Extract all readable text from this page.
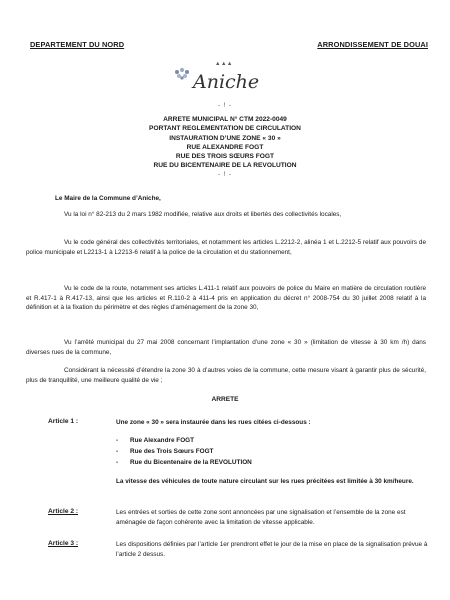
DEPARTEMENT DU NORD	ARRONDISSEMENT DE DOUAI
▲▲▲
Aniche
- ! -
ARRETE MUNICIPAL N° CTM 2022-0049
PORTANT REGLEMENTATION DE CIRCULATION
INSTAURATION D’UNE ZONE « 30 »
RUE ALEXANDRE FOGT
RUE DES TROIS SŒURS FOGT
RUE DU BICENTENAIRE DE LA REVOLUTION
- ! -
Le Maire de la Commune d’Aniche,
Vu la loi n° 82-213 du 2 mars 1982 modifiée, relative aux droits et libertés des collectivités locales,
Vu le code général des collectivités territoriales, et notamment les articles L.2212-2, alinéa 1 et L.2212-5 relatif aux pouvoirs de police municipale et L2213-1 à L2213-6 relatif à la police de la circulation et du stationnement,
Vu le code de la route, notamment ses articles L.411-1 relatif aux pouvoirs de police du Maire en matière de circulation routière et R.417-1 à R.417-13, ainsi que les articles et R.110-2 à 411-4 pris en application du décret n° 2008-754 du 30 juillet 2008 relatif à la définition et à la fixation du périmètre et des règles d’aménagement de la zone 30,
Vu l’arrêté municipal du 27 mai 2008 concernant l’implantation d’une zone « 30 » (limitation de vitesse à 30 km /h) dans diverses rues de la commune,
Considérant la nécessité d’étendre la zone 30 à d’autres voies de la commune, cette mesure visant à garantir plus de sécurité, plus de tranquillité, une meilleure qualité de vie ;
ARRETE
Article 1 :	Une zone « 30 » sera instaurée dans les rues citées ci-dessous :
- Rue Alexandre FOGT
- Rue des Trois Sœurs FOGT
- Rue du Bicentenaire de la REVOLUTION
La vitesse des véhicules de toute nature circulant sur les rues précitées est limitée à 30 km/heure.
Article 2 :	Les entrées et sorties de cette zone sont annoncées par une signalisation et l’ensemble de la zone est aménagée de façon cohérente avec la limitation de vitesse applicable.
Article 3 :	Les dispositions définies par l’article 1er prendront effet le jour de la mise en place de la signalisation prévue à l’article 2 dessus.
